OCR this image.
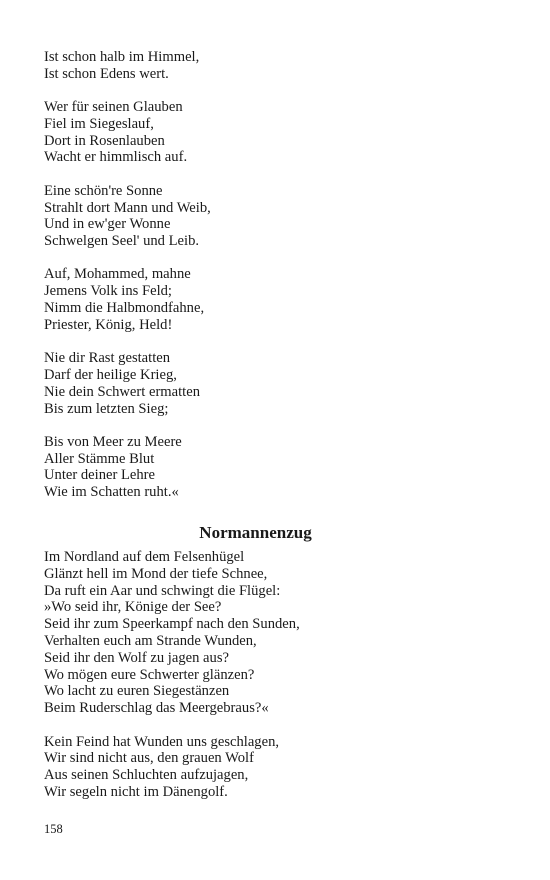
Ist schon halb im Himmel,
Ist schon Edens wert.
Wer für seinen Glauben
Fiel im Siegeslauf,
Dort in Rosenlauben
Wacht er himmlisch auf.
Eine schön're Sonne
Strahlt dort Mann und Weib,
Und in ew'ger Wonne
Schwelgen Seel' und Leib.
Auf, Mohammed, mahne
Jemens Volk ins Feld;
Nimm die Halbmondfahne,
Priester, König, Held!
Nie dir Rast gestatten
Darf der heilige Krieg,
Nie dein Schwert ermatten
Bis zum letzten Sieg;
Bis von Meer zu Meere
Aller Stämme Blut
Unter deiner Lehre
Wie im Schatten ruht.«
Normannenzug
Im Nordland auf dem Felsenhügel
Glänzt hell im Mond der tiefe Schnee,
Da ruft ein Aar und schwingt die Flügel:
»Wo seid ihr, Könige der See?
Seid ihr zum Speerkampf nach den Sunden,
Verhalten euch am Strande Wunden,
Seid ihr den Wolf zu jagen aus?
Wo mögen eure Schwerter glänzen?
Wo lacht zu euren Siegestänzen
Beim Ruderschlag das Meergebraus?«
Kein Feind hat Wunden uns geschlagen,
Wir sind nicht aus, den grauen Wolf
Aus seinen Schluchten aufzujagen,
Wir segeln nicht im Dänengolf.
158
